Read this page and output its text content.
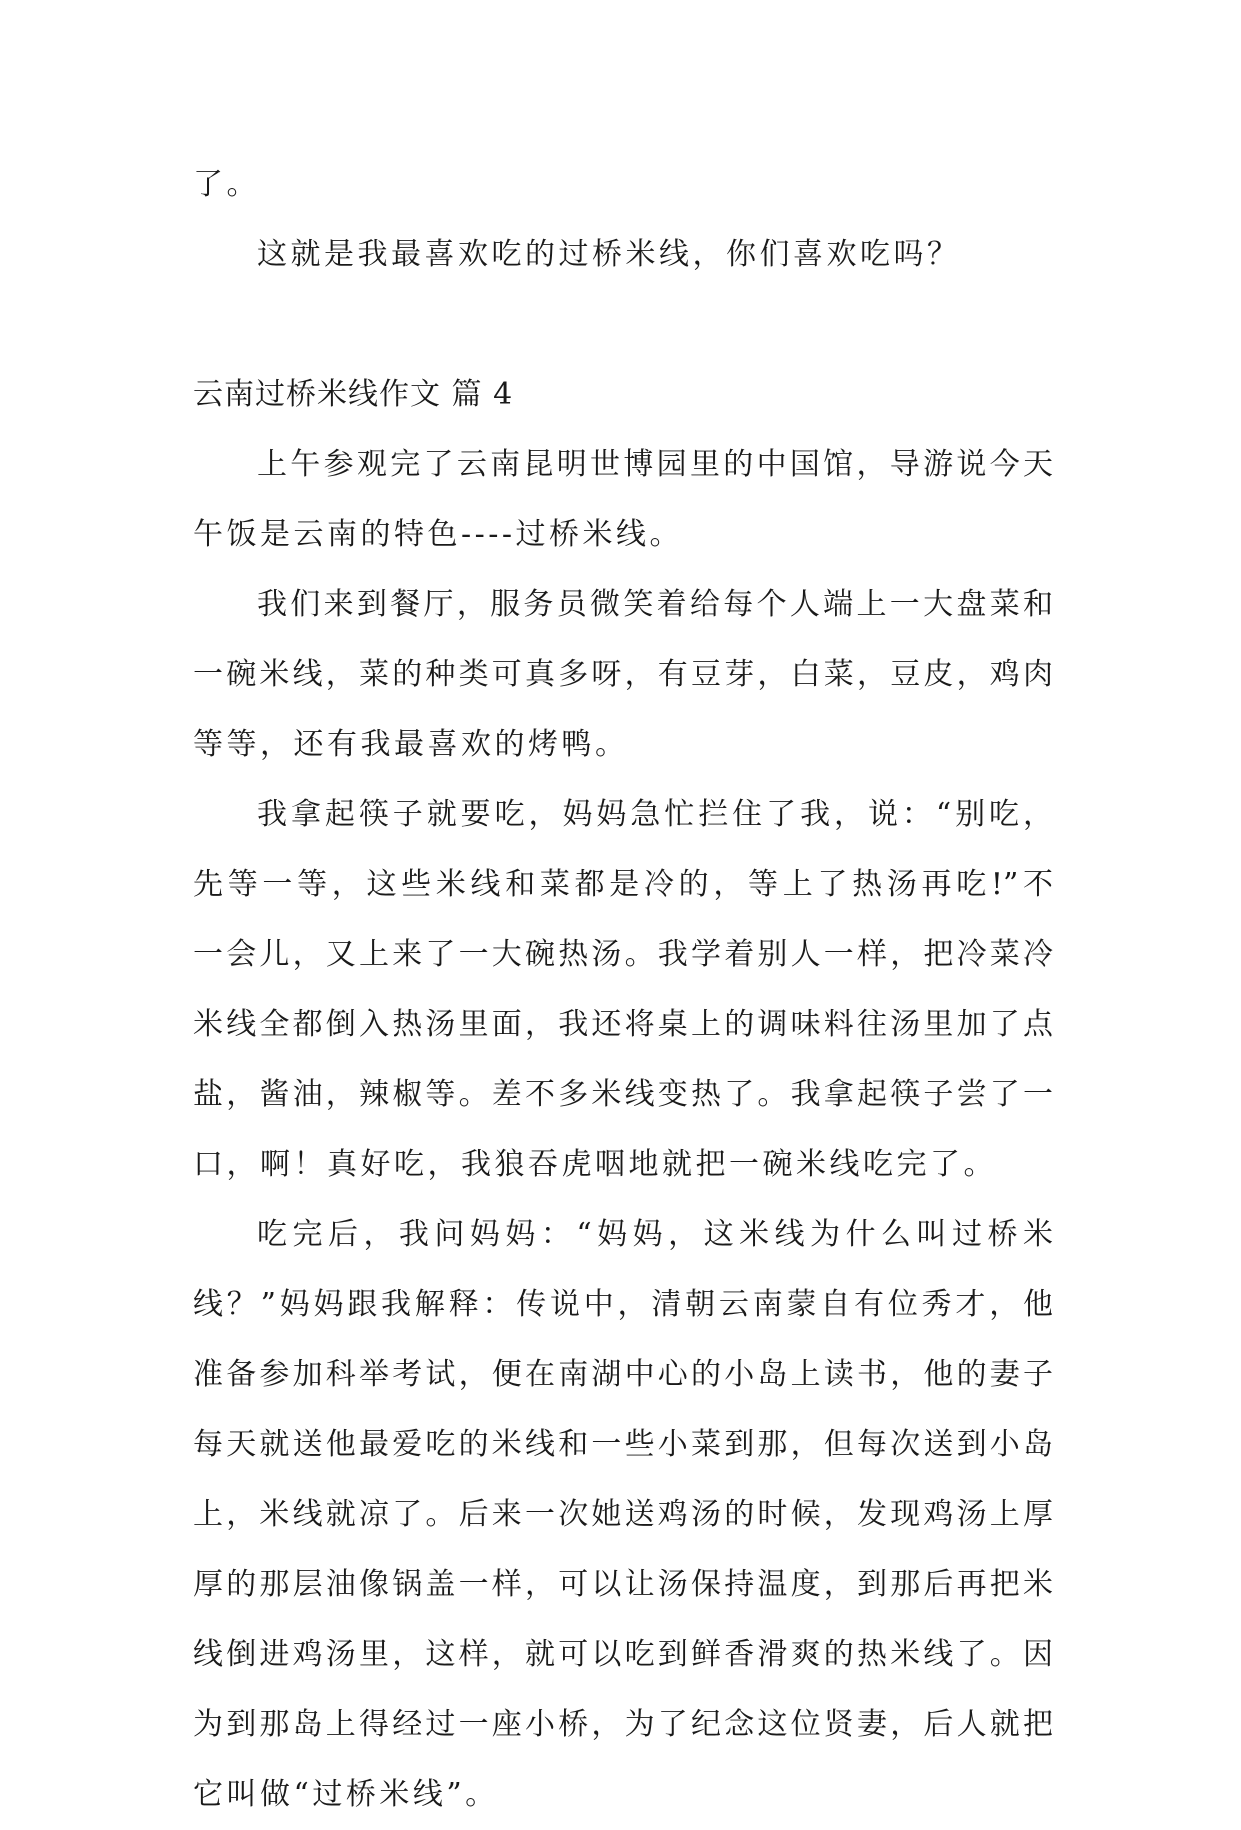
了。
这就是我最喜欢吃的过桥米线，你们喜欢吃吗？
云南过桥米线作文 篇 4
上午参观完了云南昆明世博园里的中国馆，导游说今天
午饭是云南的特色----过桥米线。
我们来到餐厅，服务员微笑着给每个人端上一大盘菜和
一碗米线，菜的种类可真多呀，有豆芽，白菜，豆皮，鸡肉
等等，还有我最喜欢的烤鸭。
我拿起筷子就要吃，妈妈急忙拦住了我，说：“别吃，
先等一等，这些米线和菜都是冷的，等上了热汤再吃!”不
一会儿，又上来了一大碗热汤。我学着别人一样，把冷菜冷
米线全都倒入热汤里面，我还将桌上的调味料往汤里加了点
盐，酱油，辣椒等。差不多米线变热了。我拿起筷子尝了一
口，啊！真好吃，我狼吞虎咽地就把一碗米线吃完了。
吃完后，我问妈妈：“妈妈，这米线为什么叫过桥米
线？”妈妈跟我解释：传说中，清朝云南蒙自有位秀才，他
准备参加科举考试，便在南湖中心的小岛上读书，他的妻子
每天就送他最爱吃的米线和一些小菜到那，但每次送到小岛
上，米线就凉了。后来一次她送鸡汤的时候，发现鸡汤上厚
厚的那层油像锅盖一样，可以让汤保持温度，到那后再把米
线倒进鸡汤里，这样，就可以吃到鲜香滑爽的热米线了。因
为到那岛上得经过一座小桥，为了纪念这位贤妻，后人就把
它叫做“过桥米线”。
